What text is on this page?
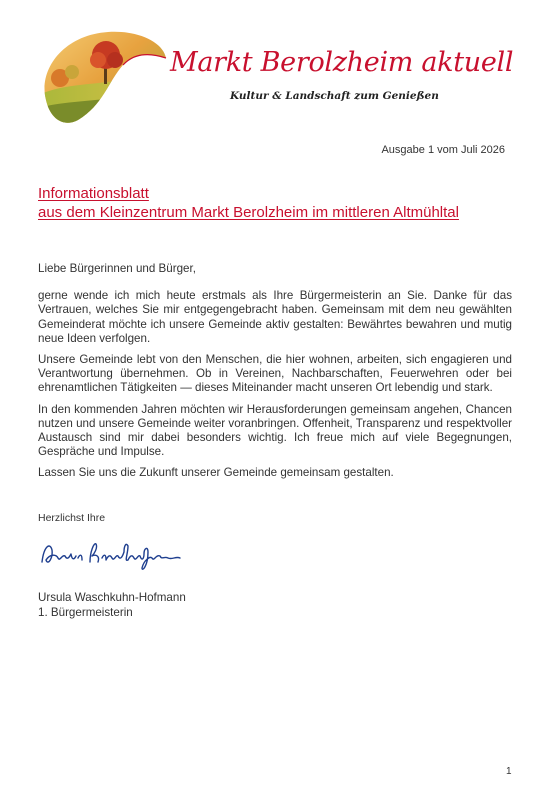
Markt Berolzheim aktuell
Kultur & Landschaft zum Genießen
Ausgabe 1 vom Juli 2026
Informationsblatt
aus dem Kleinzentrum Markt Berolzheim im mittleren Altmühltal

Liebe Bürgerinnen und Bürger,

gerne wende ich mich heute erstmals als Ihre Bürgermeisterin an Sie. Danke für das Vertrauen, welches Sie mir entgegengebracht haben. Gemeinsam mit dem neu gewählten Gemeinderat möchte ich unsere Gemeinde aktiv gestalten: Bewährtes bewahren und mutig neue Ideen verfolgen.

Unsere Gemeinde lebt von den Menschen, die hier wohnen, arbeiten, sich engagieren und Verantwortung übernehmen. Ob in Vereinen, Nachbarschaften, Feuerwehren oder bei ehrenamtlichen Tätigkeiten — dieses Miteinander macht unseren Ort lebendig und stark.

In den kommenden Jahren möchten wir Herausforderungen gemeinsam angehen, Chancen nutzen und unsere Gemeinde weiter voranbringen. Offenheit, Transparenz und respektvoller Austausch sind mir dabei besonders wichtig. Ich freue mich auf viele Begegnungen, Gespräche und Impulse.

Lassen Sie uns die Zukunft unserer Gemeinde gemeinsam gestalten.

Herzlichst Ihre
Ursula Waschkuhn-Hofmann
1. Bürgermeisterin
1
